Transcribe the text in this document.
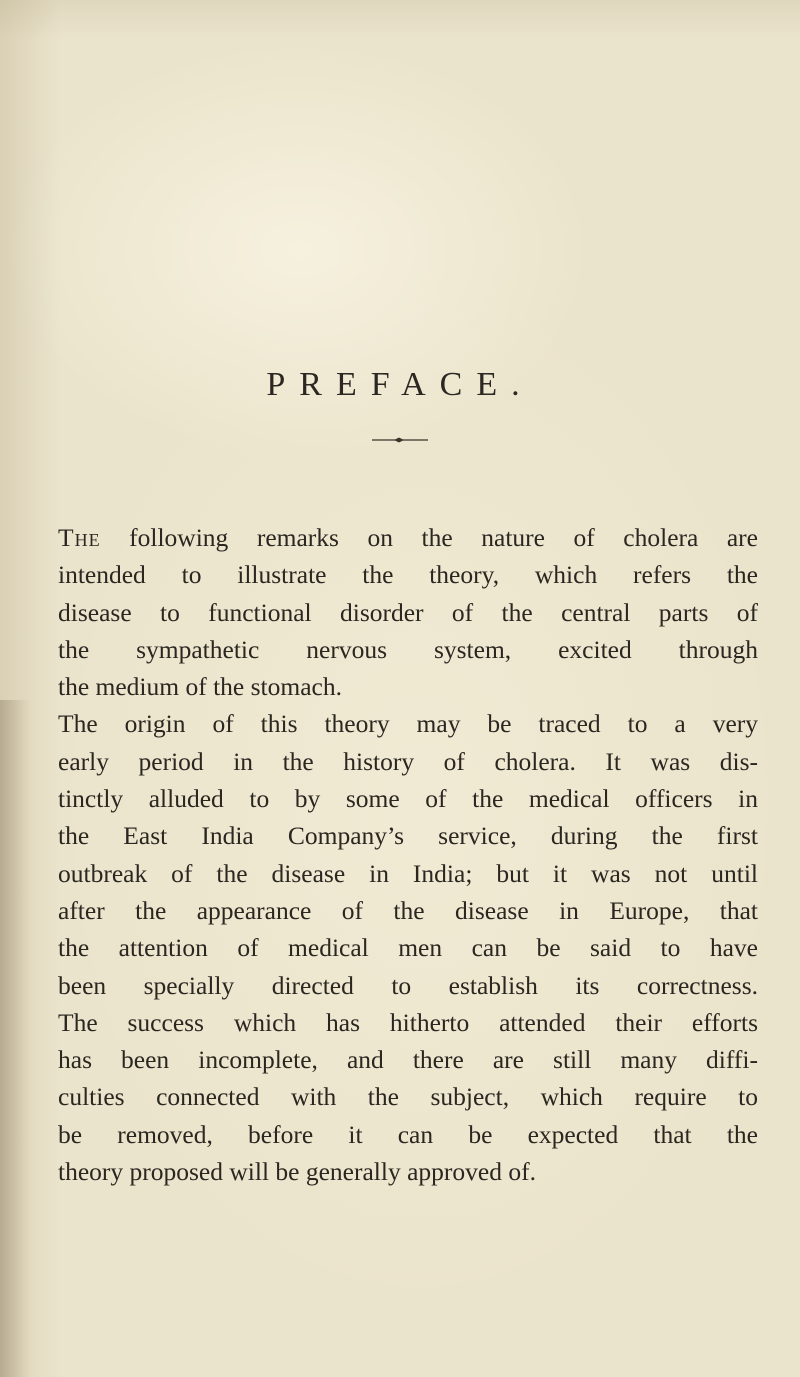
PREFACE.

The following remarks on the nature of cholera are
intended to illustrate the theory, which refers the
disease to functional disorder of the central parts of
the sympathetic nervous system, excited through
the medium of the stomach.

The origin of this theory may be traced to a very
early period in the history of cholera. It was dis-
tinctly alluded to by some of the medical officers in
the East India Company’s service, during the first
outbreak of the disease in India; but it was not until
after the appearance of the disease in Europe, that
the attention of medical men can be said to have
been specially directed to establish its correctness.
The success which has hitherto attended their efforts
has been incomplete, and there are still many diffi-
culties connected with the subject, which require to
be removed, before it can be expected that the
theory proposed will be generally approved of.
